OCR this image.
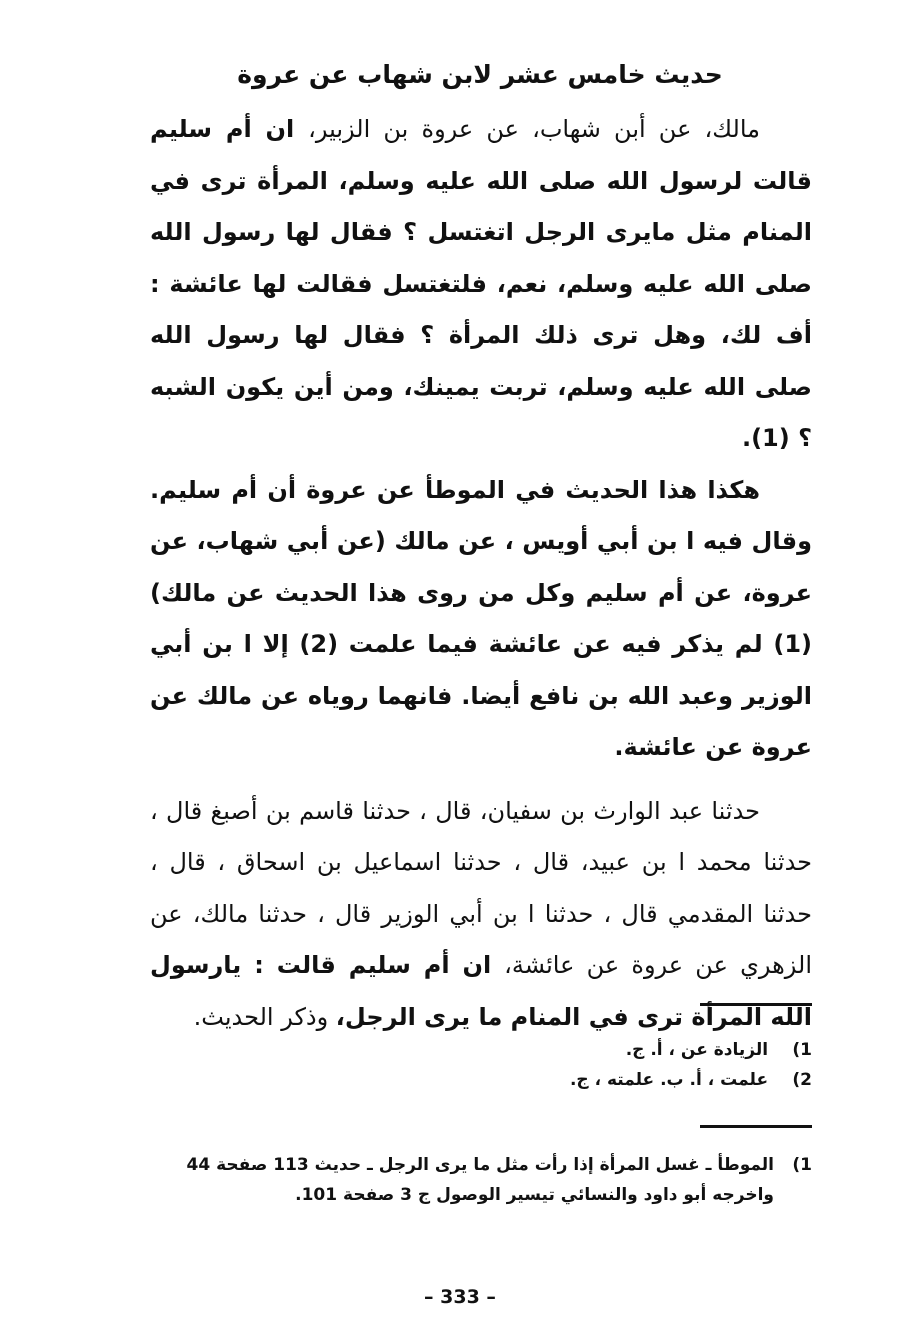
حديث خامس عشر لابن شهاب عن عروة

مالك، عن أبن شهاب، عن عروة بن الزبير، ان أم سليم قالت لرسول الله صلى الله عليه وسلم، المرأة ترى في المنام مثل مايرى الرجل اتغتسل ؟ فقال لها رسول الله صلى الله عليه وسلم، نعم، فلتغتسل فقالت لها عائشة : أف لك، وهل ترى ذلك المرأة ؟ فقال لها رسول الله صلى الله عليه وسلم، تربت يمينك، ومن أين يكون الشبه ؟ (1).

هكذا هذا الحديث في الموطأ عن عروة أن أم سليم. وقال فيه ا بن أبي أويس ، عن مالك (عن أبي شهاب، عن عروة، عن أم سليم وكل من روى هذا الحديث عن مالك) (1) لم يذكر فيه عن عائشة فيما علمت (2) إلا ا بن أبي الوزير وعبد الله بن نافع أيضا. فانهما روياه عن مالك عن عروة عن عائشة.

حدثنا عبد الوارث بن سفيان، قال ، حدثنا قاسم بن أصبغ قال ، حدثنا محمد ا بن عبيد، قال ، حدثنا اسماعيل بن اسحاق ، قال ، حدثنا المقدمي قال ، حدثنا ا بن أبي الوزير قال ، حدثنا مالك، عن الزهري عن عروة عن عائشة، ان أم سليم قالت : يارسول الله المرأة ترى في المنام ما يرى الرجل، وذكر الحديث.

1) الزيادة عن ، أ. ج.
2) علمت ، أ. ب. علمته ، ج.
1)الموطأ ـ غسل المرأة إذا رأت مثل ما يرى الرجل ـ حديث 113 صفحة 44 واخرجه أبو داود والنسائي تيسير الوصول ج 3 صفحة 101.
– 333 –
